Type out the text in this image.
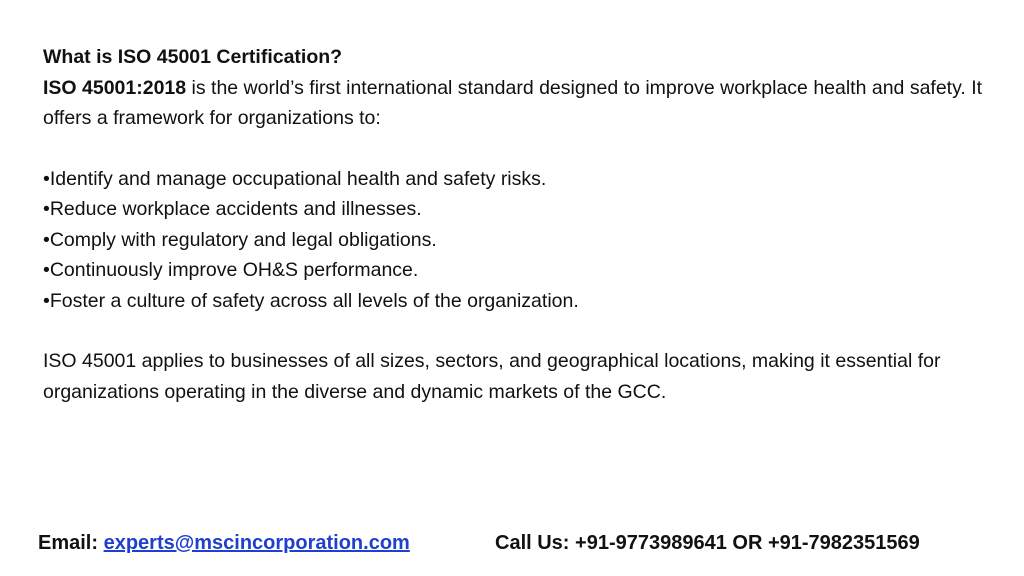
What is ISO 45001 Certification?

ISO 45001:2018 is the world’s first international standard designed to improve workplace health and safety. It offers a framework for organizations to:

•Identify and manage occupational health and safety risks.
•Reduce workplace accidents and illnesses.
•Comply with regulatory and legal obligations.
•Continuously improve OH&S performance.
•Foster a culture of safety across all levels of the organization.

ISO 45001 applies to businesses of all sizes, sectors, and geographical locations, making it essential for organizations operating in the diverse and dynamic markets of the GCC.

Email: experts@mscincorporation.com	Call Us: +91-9773989641 OR +91-7982351569
